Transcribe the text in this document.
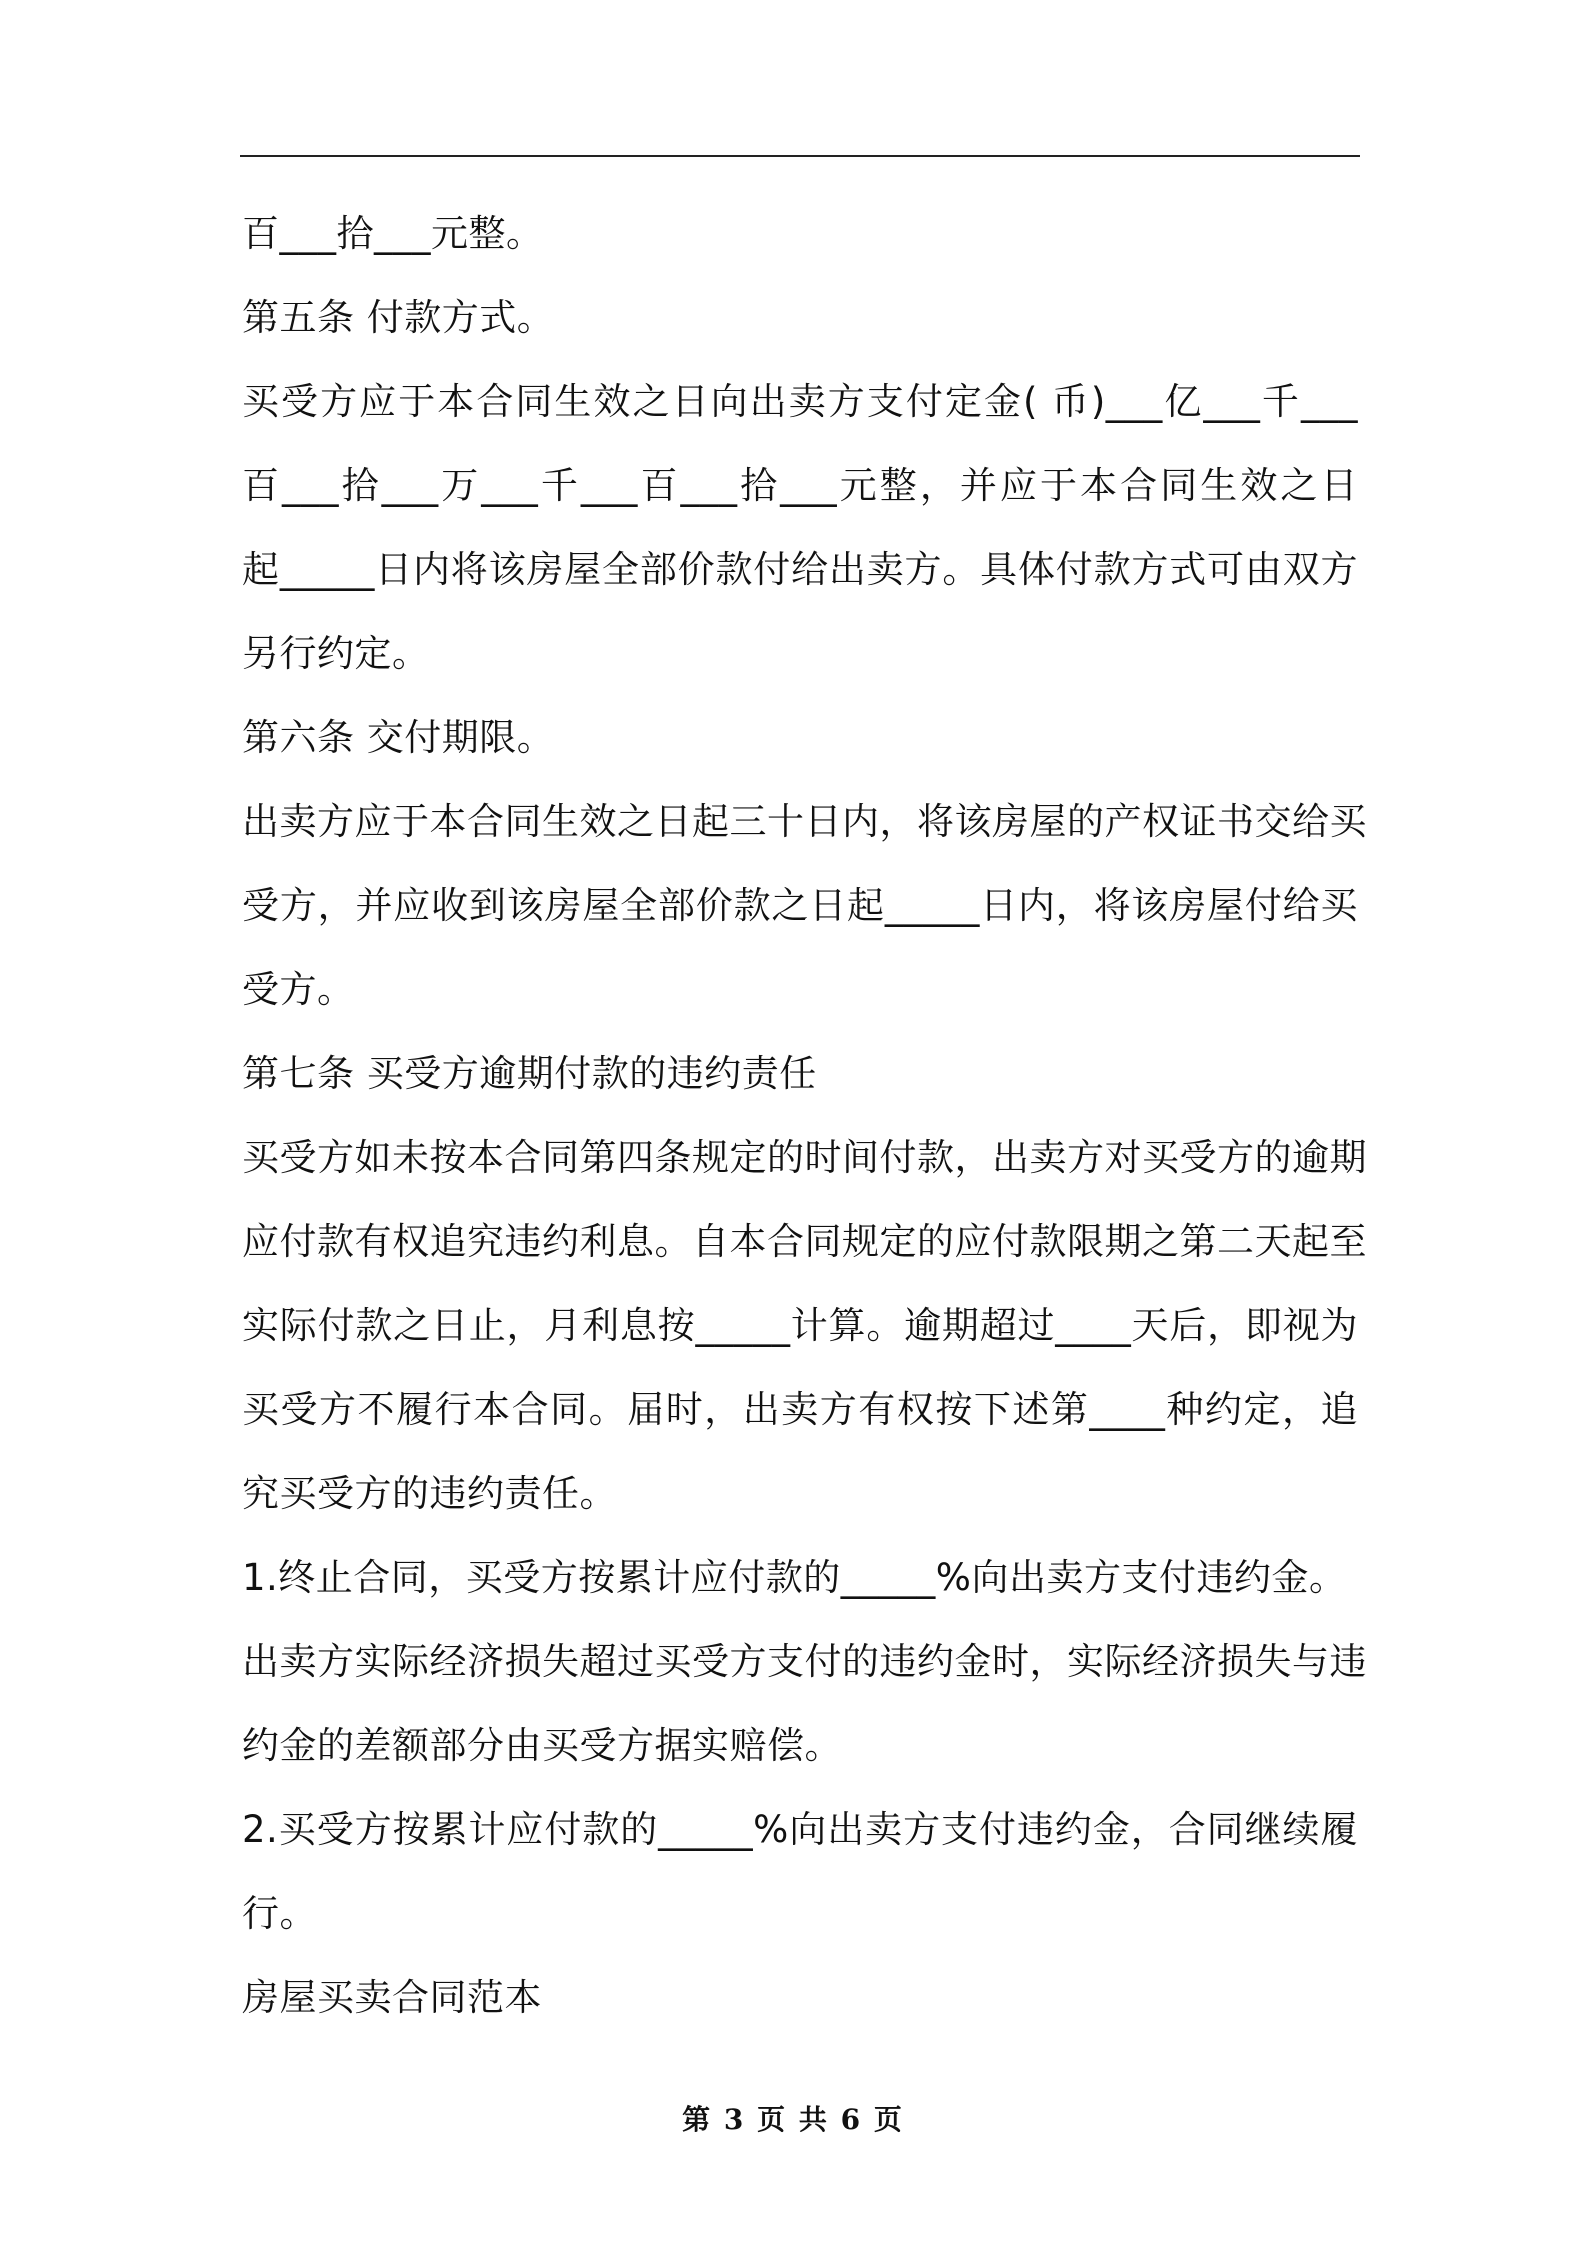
百___拾___元整。
第五条 付款方式。
买受方应于本合同生效之日向出卖方支付定金( 币)___亿___千___
百___拾___万___千___百___拾___元整，并应于本合同生效之日
起_____日内将该房屋全部价款付给出卖方。具体付款方式可由双方
另行约定。
第六条 交付期限。
出卖方应于本合同生效之日起三十日内，将该房屋的产权证书交给买
受方，并应收到该房屋全部价款之日起_____日内，将该房屋付给买
受方。
第七条 买受方逾期付款的违约责任
买受方如未按本合同第四条规定的时间付款，出卖方对买受方的逾期
应付款有权追究违约利息。自本合同规定的应付款限期之第二天起至
实际付款之日止，月利息按_____计算。逾期超过____天后，即视为
买受方不履行本合同。届时，出卖方有权按下述第____种约定，追
究买受方的违约责任。
1.终止合同，买受方按累计应付款的_____%向出卖方支付违约金。
出卖方实际经济损失超过买受方支付的违约金时，实际经济损失与违
约金的差额部分由买受方据实赔偿。
2.买受方按累计应付款的_____%向出卖方支付违约金，合同继续履
行。
房屋买卖合同范本
第 3 页 共 6 页
